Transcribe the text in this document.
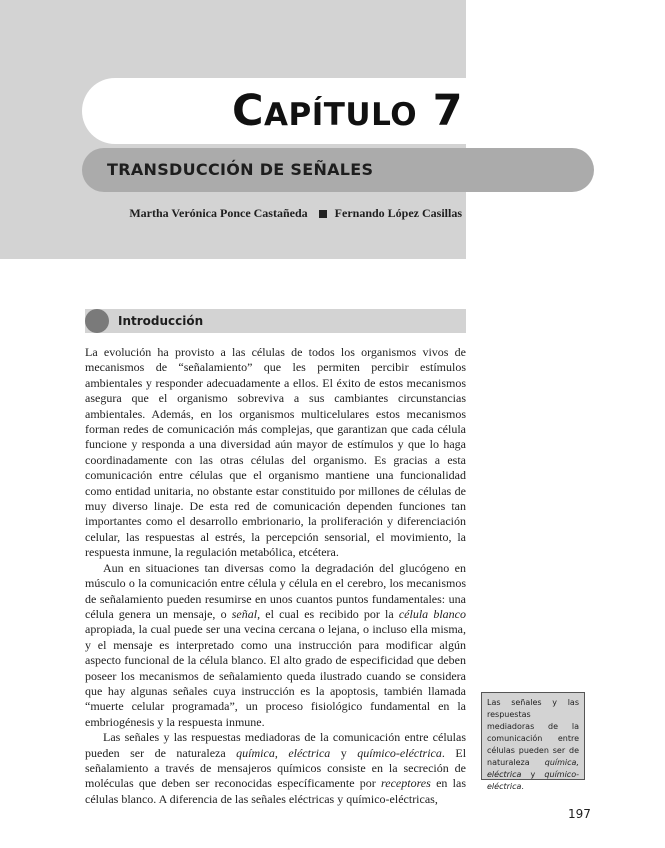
CAPÍTULO 7
TRANSDUCCIÓN DE SEÑALES

Martha Verónica Ponce Castañeda Fernando López Casillas

Introducción

La evolución ha provisto a las células de todos los organismos vivos de mecanismos de “señalamiento” que les permiten percibir estímulos ambientales y responder adecuadamente a ellos. El éxito de estos mecanismos asegura que el organismo sobreviva a sus cambiantes circunstancias ambientales. Además, en los organismos multicelulares estos mecanismos forman redes de comunicación más complejas, que garantizan que cada célula funcione y responda a una diversidad aún mayor de estímulos y que lo haga coordinadamente con las otras células del organismo. Es gracias a esta comunicación entre células que el organismo mantiene una funcionalidad como entidad unitaria, no obstante estar constituido por millones de células de muy diverso linaje. De esta red de comunicación dependen funciones tan importantes como el desarrollo embrionario, la proliferación y diferenciación celular, las respuestas al estrés, la percepción sensorial, el movimiento, la respuesta inmune, la regulación metabólica, etcétera.

Aun en situaciones tan diversas como la degradación del glucógeno en músculo o la comunicación entre célula y célula en el cerebro, los mecanismos de señalamiento pueden resumirse en unos cuantos puntos fundamentales: una célula genera un mensaje, o señal, el cual es recibido por la célula blanco apropiada, la cual puede ser una vecina cercana o lejana, o incluso ella misma, y el mensaje es interpretado como una instrucción para modificar algún aspecto funcional de la célula blanco. El alto grado de especificidad que deben poseer los mecanismos de señalamiento queda ilustrado cuando se considera que hay algunas señales cuya instrucción es la apoptosis, también llamada “muerte celular programada”, un proceso fisiológico fundamental en la embriogénesis y la respuesta inmune.

Las señales y las respuestas mediadoras de la comunicación entre células pueden ser de naturaleza química, eléctrica y químico-eléctrica. El señalamiento a través de mensajeros químicos consiste en la secreción de moléculas que deben ser reconocidas específicamente por receptores en las células blanco. A diferencia de las señales eléctricas y químico-eléctricas,

Las señales y las respuestas mediadoras de la comunicación entre células pueden ser de naturaleza química, eléctrica y químico-eléctrica.

197
